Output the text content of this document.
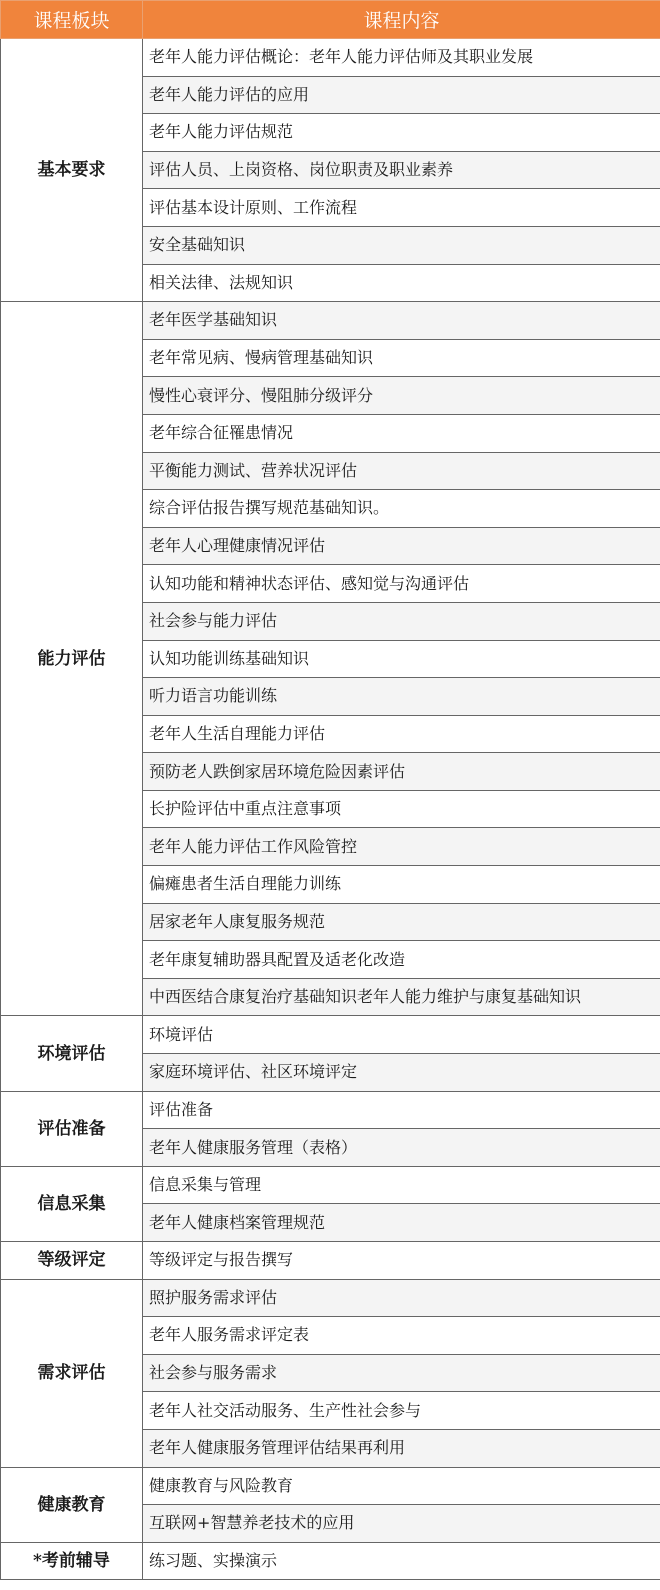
课程板块	课程内容
基本要求	老年人能力评估概论：老年人能力评估师及其职业发展
	老年人能力评估的应用
	老年人能力评估规范
	评估人员、上岗资格、岗位职责及职业素养
	评估基本设计原则、工作流程
	安全基础知识
	相关法律、法规知识
能力评估	老年医学基础知识
	老年常见病、慢病管理基础知识
	慢性心衰评分、慢阻肺分级评分
	老年综合征罹患情况
	平衡能力测试、营养状况评估
	综合评估报告撰写规范基础知识。
	老年人心理健康情况评估
	认知功能和精神状态评估、感知觉与沟通评估
	社会参与能力评估
	认知功能训练基础知识
	听力语言功能训练
	老年人生活自理能力评估
	预防老人跌倒家居环境危险因素评估
	长护险评估中重点注意事项
	老年人能力评估工作风险管控
	偏瘫患者生活自理能力训练
	居家老年人康复服务规范
	老年康复辅助器具配置及适老化改造
	中西医结合康复治疗基础知识老年人能力维护与康复基础知识
环境评估	环境评估
	家庭环境评估、社区环境评定
评估准备	评估准备
	老年人健康服务管理（表格）
信息采集	信息采集与管理
	老年人健康档案管理规范
等级评定	等级评定与报告撰写
需求评估	照护服务需求评估
	老年人服务需求评定表
	社会参与服务需求
	老年人社交活动服务、生产性社会参与
	老年人健康服务管理评估结果再利用
健康教育	健康教育与风险教育
	互联网+智慧养老技术的应用
*考前辅导	练习题、实操演示
